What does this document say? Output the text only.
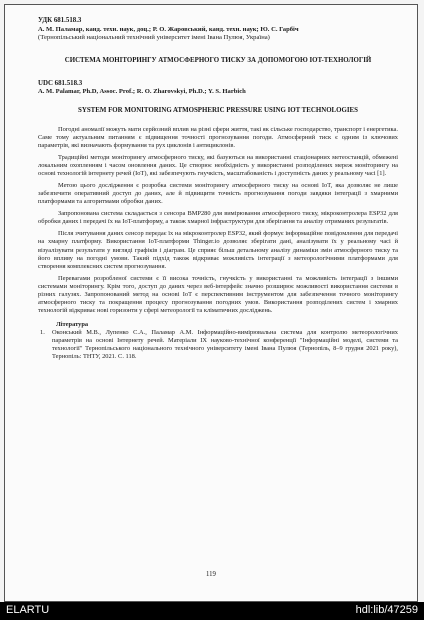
УДК 681.518.3

А. М. Паламар, канд. техн. наук, доц.; Р. О. Жаровський, канд. техн. наук; Ю. С. Гарбіч

(Тернопільський національний технічний університет імені Івана Пулюя, Україна)

СИСТЕМА МОНІТОРИНГУ АТМОСФЕРНОГО ТИСКУ ЗА ДОПОМОГОЮ IOT-ТЕХНОЛОГІЙ

UDC 681.518.3

A. M. Palamar, Ph.D, Assoc. Prof.; R. O. Zharovskyi, Ph.D.; Y. S. Harbich

SYSTEM FOR MONITORING ATMOSPHERIC PRESSURE USING IOT TECHNOLOGIES

Погодні аномалії можуть мати серйозний вплив на різні сфери життя, такі як сільське господарство, транспорт і енергетика. Саме тому актуальним питанням є підвищення точності прогнозування погоди. Атмосферний тиск є одним із ключових параметрів, які визначають формування та рух циклонів і антициклонів.

Традиційні методи моніторингу атмосферного тиску, які базуються на використанні стаціонарних метеостанцій, обмежені локальним охопленням і часом оновлення даних. Це створює необхідність у використанні розподілених мереж моніторингу на основі технологій інтернету речей (IoT), які забезпечують гнучкість, масштабованість і доступність даних у реальному часі [1].

Метою цього дослідження є розробка системи моніторингу атмосферного тиску на основі IoT, яка дозволяє не лише забезпечити оперативний доступ до даних, але й підвищити точність прогнозування погоди завдяки інтеграції з хмарними платформами та алгоритмами обробки даних.

Запропонована система складається з сенсора BMP280 для вимірювання атмосферного тиску, мікроконтролера ESP32 для обробки даних і передачі їх на IoT-платформу, а також хмарної інфраструктури для зберігання та аналізу отриманих результатів.

Після зчитування даних сенсор передає їх на мікроконтролер ESP32, який формує інформаційне повідомлення для передачі на хмарну платформу. Використання IoT-платформи Thinger.io дозволяє зберігати дані, аналізувати їх у реальному часі й візуалізувати результати у вигляді графіків і діаграм. Це сприяє більш детальному аналізу динаміки змін атмосферного тиску та його впливу на погодні умови. Такий підхід також відкриває можливість інтеграції з метеорологічними платформами для створення комплексних систем прогнозування.

Перевагами розробленої системи є її висока точність, гнучкість у використанні та можливість інтеграції з іншими системами моніторингу. Крім того, доступ до даних через веб-інтерфейс значно розширює можливості використання системи в різних галузях. Запропонований метод на основі IoT є перспективним інструментом для забезпечення точного моніторингу атмосферного тиску та покращення процесу прогнозування погодних умов. Використання розподілених систем і хмарних технологій відкриває нові горизонти у сфері метеорології та кліматичних досліджень.

Література

1.	Оконський М.В., Лупенко С.А., Паламар А.М. Інформаційно-вимірювальна система для контролю метеорологічних параметрів на основі Інтернету речей. Матеріали IX науково-технічної конференції "Інформаційні моделі, системи та технології" Тернопільського національного технічного університету імені Івана Пулюя (Тернопіль, 8–9 грудня 2021 року), Тернопіль: ТНТУ, 2021. С. 118.
119
ELARTU	hdl:lib/47259
